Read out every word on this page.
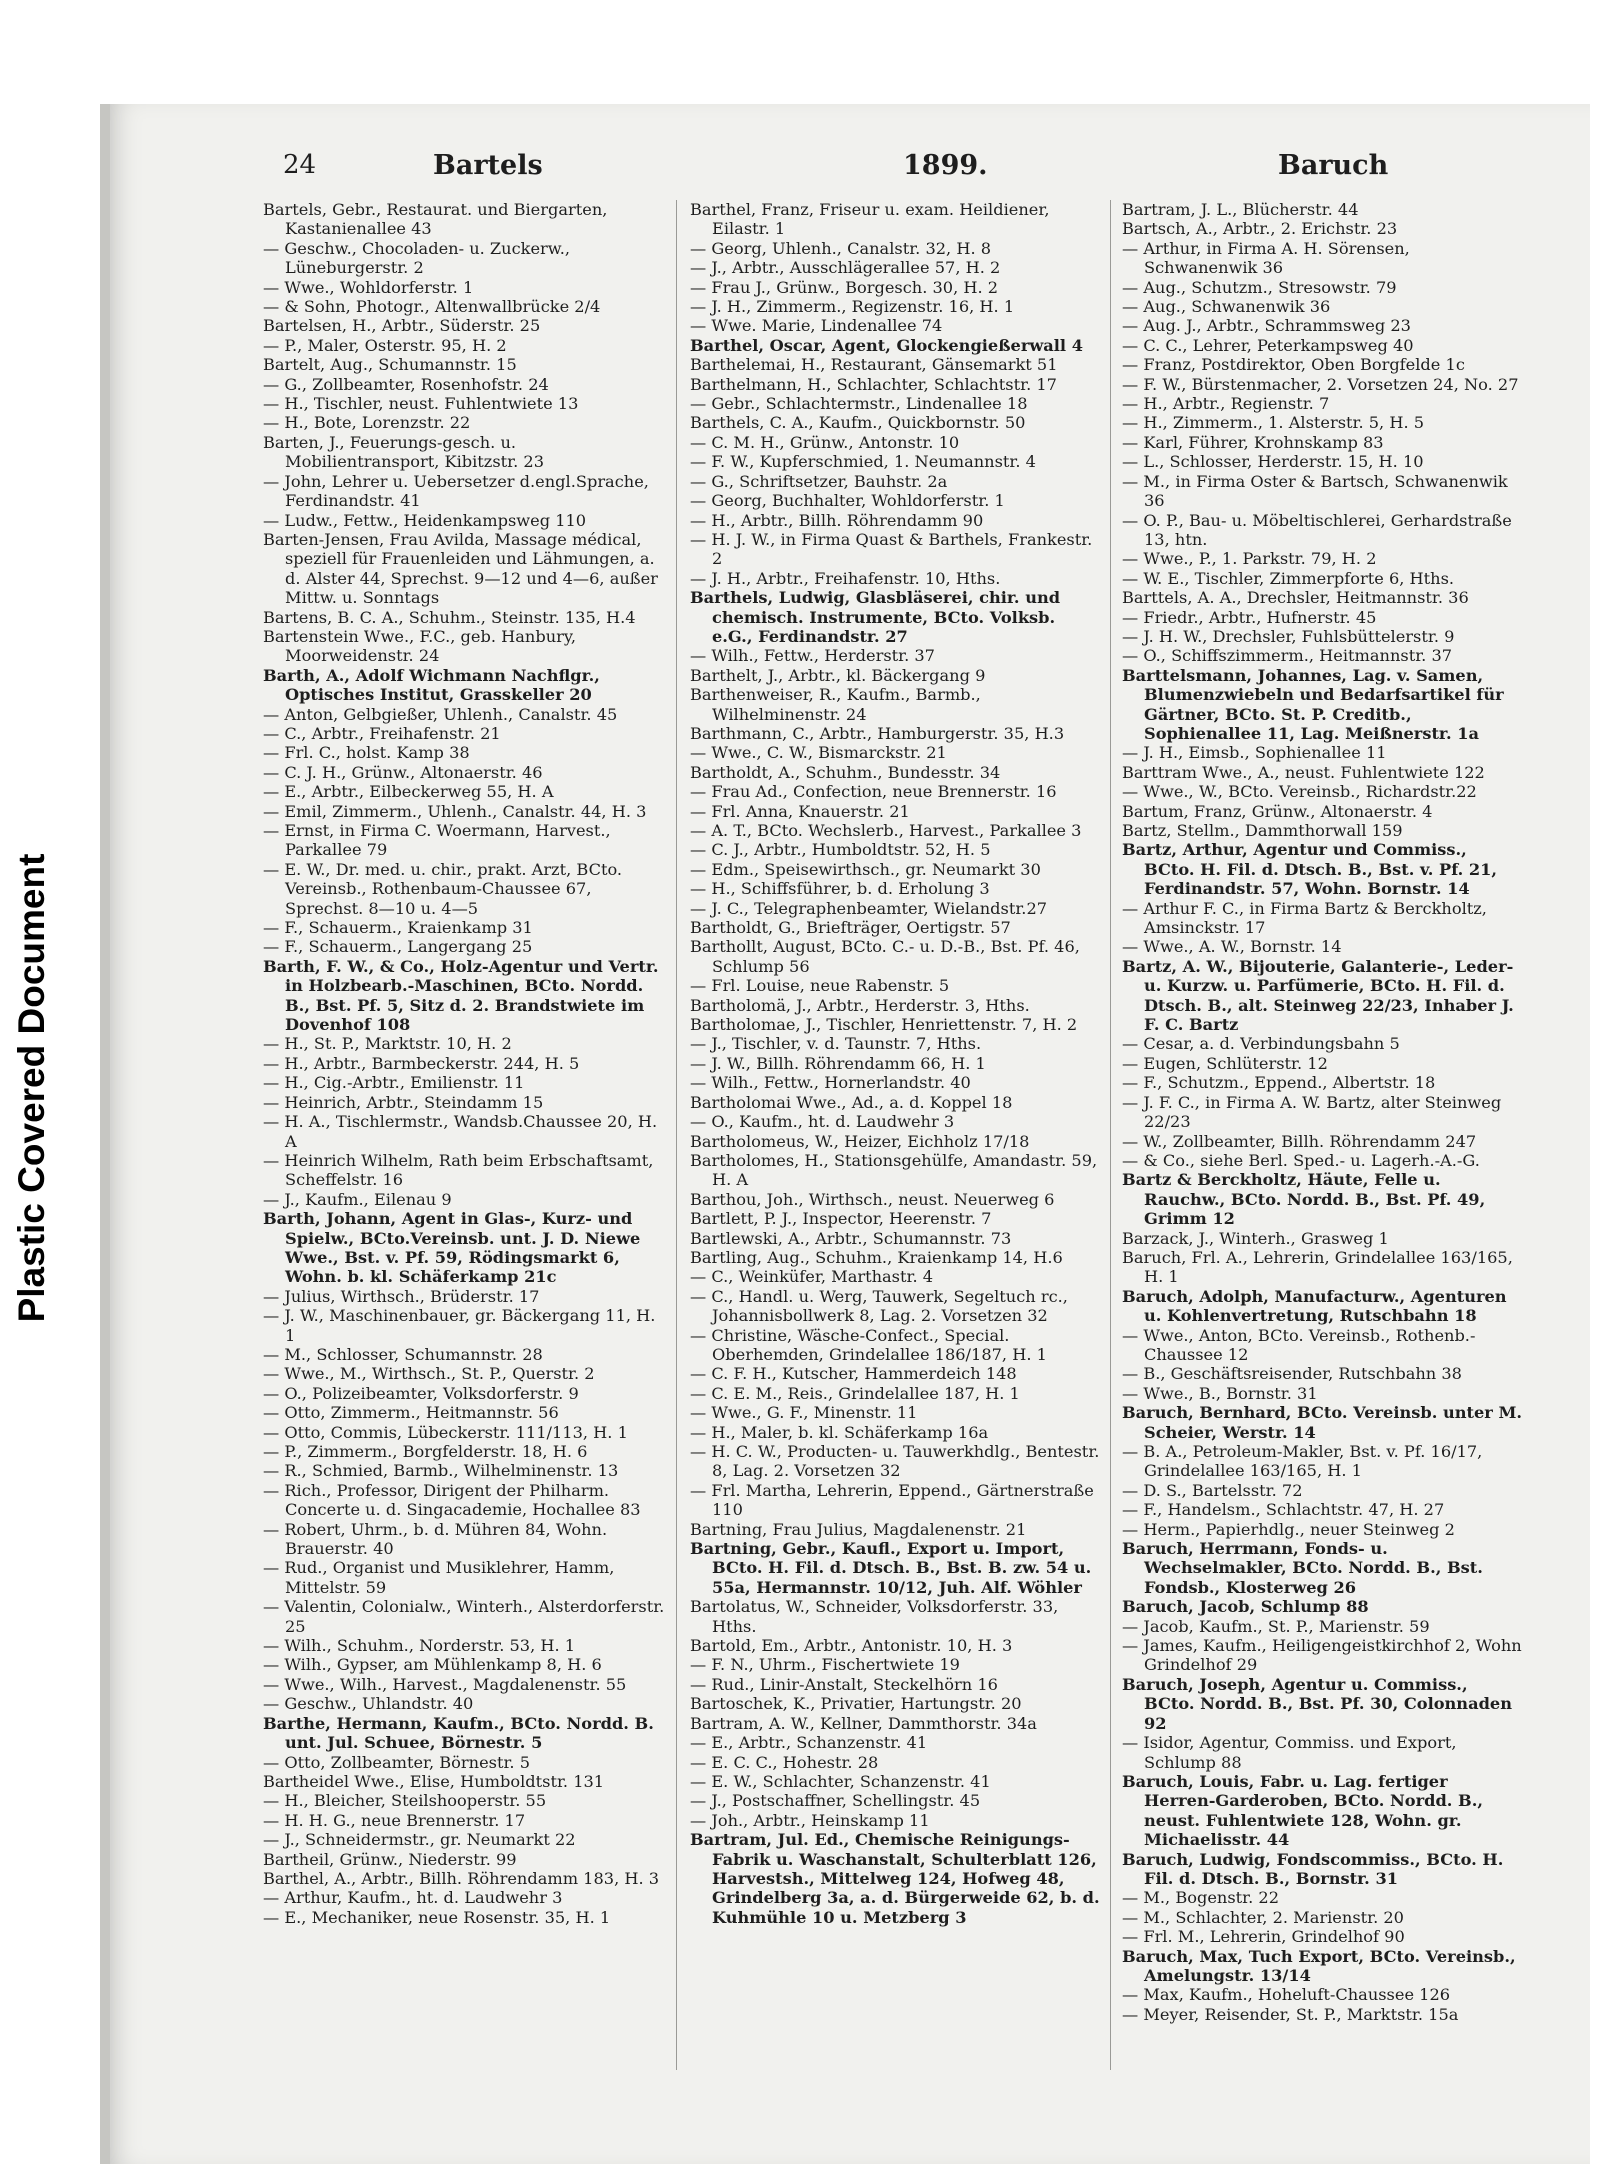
Plastic Covered Document
24	Bartels	1899.	Baruch

Bartels, Gebr., Restaurat. und Biergarten, Kastanienallee 43

— Geschw., Chocoladen- u. Zuckerw., Lüneburgerstr. 2

— Wwe., Wohldorferstr. 1

— & Sohn, Photogr., Altenwallbrücke 2/4

Bartelsen, H., Arbtr., Süderstr. 25

— P., Maler, Osterstr. 95, H. 2

Bartelt, Aug., Schumannstr. 15

— G., Zollbeamter, Rosenhofstr. 24

— H., Tischler, neust. Fuhlentwiete 13

— H., Bote, Lorenzstr. 22

Barten, J., Feuerungs-gesch. u. Mobilientransport, Kibitzstr. 23

— John, Lehrer u. Uebersetzer d.engl.Sprache, Ferdinandstr. 41

— Ludw., Fettw., Heidenkampsweg 110

Barten-Jensen, Frau Avilda, Massage médical, speziell für Frauenleiden und Lähmungen, a. d. Alster 44, Sprechst. 9—12 und 4—6, außer Mittw. u. Sonntags

Bartens, B. C. A., Schuhm., Steinstr. 135, H.4

Bartenstein Wwe., F.C., geb. Hanbury, Moorweidenstr. 24

Barth, A., Adolf Wichmann Nachflgr., Optisches Institut, Grasskeller 20

— Anton, Gelbgießer, Uhlenh., Canalstr. 45

— C., Arbtr., Freihafenstr. 21

— Frl. C., holst. Kamp 38

— C. J. H., Grünw., Altonaerstr. 46

— E., Arbtr., Eilbeckerweg 55, H. A

— Emil, Zimmerm., Uhlenh., Canalstr. 44, H. 3

— Ernst, in Firma C. Woermann, Harvest., Parkallee 79

— E. W., Dr. med. u. chir., prakt. Arzt, BCto. Vereinsb., Rothenbaum-Chaussee 67, Sprechst. 8—10 u. 4—5

— F., Schauerm., Kraienkamp 31

— F., Schauerm., Langergang 25

Barth, F. W., & Co., Holz-Agentur und Vertr. in Holzbearb.-Maschinen, BCto. Nordd. B., Bst. Pf. 5, Sitz d. 2. Brandstwiete im Dovenhof 108

— H., St. P., Marktstr. 10, H. 2

— H., Arbtr., Barmbeckerstr. 244, H. 5

— H., Cig.-Arbtr., Emilienstr. 11

— Heinrich, Arbtr., Steindamm 15

— H. A., Tischlermstr., Wandsb.Chaussee 20, H. A

— Heinrich Wilhelm, Rath beim Erbschaftsamt, Scheffelstr. 16

— J., Kaufm., Eilenau 9

Barth, Johann, Agent in Glas-, Kurz- und Spielw., BCto.Vereinsb. unt. J. D. Niewe Wwe., Bst. v. Pf. 59, Rödingsmarkt 6, Wohn. b. kl. Schäferkamp 21c

— Julius, Wirthsch., Brüderstr. 17

— J. W., Maschinenbauer, gr. Bäckergang 11, H. 1

— M., Schlosser, Schumannstr. 28

— Wwe., M., Wirthsch., St. P., Querstr. 2

— O., Polizeibeamter, Volksdorferstr. 9

— Otto, Zimmerm., Heitmannstr. 56

— Otto, Commis, Lübeckerstr. 111/113, H. 1

— P., Zimmerm., Borgfelderstr. 18, H. 6

— R., Schmied, Barmb., Wilhelminenstr. 13

— Rich., Professor, Dirigent der Philharm. Concerte u. d. Singacademie, Hochallee 83

— Robert, Uhrm., b. d. Mühren 84, Wohn. Brauerstr. 40

— Rud., Organist und Musiklehrer, Hamm, Mittelstr. 59

— Valentin, Colonialw., Winterh., Alsterdorferstr. 25

— Wilh., Schuhm., Norderstr. 53, H. 1

— Wilh., Gypser, am Mühlenkamp 8, H. 6

— Wwe., Wilh., Harvest., Magdalenenstr. 55

— Geschw., Uhlandstr. 40

Barthe, Hermann, Kaufm., BCto. Nordd. B. unt. Jul. Schuee, Börnestr. 5

— Otto, Zollbeamter, Börnestr. 5

Bartheidel Wwe., Elise, Humboldtstr. 131

— H., Bleicher, Steilshooperstr. 55

— H. H. G., neue Brennerstr. 17

— J., Schneidermstr., gr. Neumarkt 22

Bartheil, Grünw., Niederstr. 99

Barthel, A., Arbtr., Billh. Röhrendamm 183, H. 3

— Arthur, Kaufm., ht. d. Laudwehr 3

— E., Mechaniker, neue Rosenstr. 35, H. 1

Barthel, Franz, Friseur u. exam. Heildiener, Eilastr. 1

— Georg, Uhlenh., Canalstr. 32, H. 8

— J., Arbtr., Ausschlägerallee 57, H. 2

— Frau J., Grünw., Borgesch. 30, H. 2

— J. H., Zimmerm., Regizenstr. 16, H. 1

— Wwe. Marie, Lindenallee 74

Barthel, Oscar, Agent, Glockengießerwall 4

Barthelemai, H., Restaurant, Gänsemarkt 51

Barthelmann, H., Schlachter, Schlachtstr. 17

— Gebr., Schlachtermstr., Lindenallee 18

Barthels, C. A., Kaufm., Quickbornstr. 50

— C. M. H., Grünw., Antonstr. 10

— F. W., Kupferschmied, 1. Neumannstr. 4

— G., Schriftsetzer, Bauhstr. 2a

— Georg, Buchhalter, Wohldorferstr. 1

— H., Arbtr., Billh. Röhrendamm 90

— H. J. W., in Firma Quast & Barthels, Frankestr. 2

— J. H., Arbtr., Freihafenstr. 10, Hths.

Barthels, Ludwig, Glasbläserei, chir. und chemisch. Instrumente, BCto. Volksb. e.G., Ferdinandstr. 27

— Wilh., Fettw., Herderstr. 37

Barthelt, J., Arbtr., kl. Bäckergang 9

Barthenweiser, R., Kaufm., Barmb., Wilhelminenstr. 24

Barthmann, C., Arbtr., Hamburgerstr. 35, H.3

— Wwe., C. W., Bismarckstr. 21

Bartholdt, A., Schuhm., Bundesstr. 34

— Frau Ad., Confection, neue Brennerstr. 16

— Frl. Anna, Knauerstr. 21

— A. T., BCto. Wechslerb., Harvest., Parkallee 3

— C. J., Arbtr., Humboldtstr. 52, H. 5

— Edm., Speisewirthsch., gr. Neumarkt 30

— H., Schiffsführer, b. d. Erholung 3

— J. C., Telegraphenbeamter, Wielandstr.27

Bartholdt, G., Briefträger, Oertigstr. 57

Barthollt, August, BCto. C.- u. D.-B., Bst. Pf. 46, Schlump 56

— Frl. Louise, neue Rabenstr. 5

Bartholomä, J., Arbtr., Herderstr. 3, Hths.

Bartholomae, J., Tischler, Henriettenstr. 7, H. 2

— J., Tischler, v. d. Taunstr. 7, Hths.

— J. W., Billh. Röhrendamm 66, H. 1

— Wilh., Fettw., Hornerlandstr. 40

Bartholomai Wwe., Ad., a. d. Koppel 18

— O., Kaufm., ht. d. Laudwehr 3

Bartholomeus, W., Heizer, Eichholz 17/18

Bartholomes, H., Stationsgehülfe, Amandastr. 59, H. A

Barthou, Joh., Wirthsch., neust. Neuerweg 6

Bartlett, P. J., Inspector, Heerenstr. 7

Bartlewski, A., Arbtr., Schumannstr. 73

Bartling, Aug., Schuhm., Kraienkamp 14, H.6

— C., Weinküfer, Marthastr. 4

— C., Handl. u. Werg, Tauwerk, Segeltuch rc., Johannisbollwerk 8, Lag. 2. Vorsetzen 32

— Christine, Wäsche-Confect., Special. Oberhemden, Grindelallee 186/187, H. 1

— C. F. H., Kutscher, Hammerdeich 148

— C. E. M., Reis., Grindelallee 187, H. 1

— Wwe., G. F., Minenstr. 11

— H., Maler, b. kl. Schäferkamp 16a

— H. C. W., Producten- u. Tauwerkhdlg., Bentestr. 8, Lag. 2. Vorsetzen 32

— Frl. Martha, Lehrerin, Eppend., Gärtnerstraße 110

Bartning, Frau Julius, Magdalenenstr. 21

Bartning, Gebr., Kaufl., Export u. Import, BCto. H. Fil. d. Dtsch. B., Bst. B. zw. 54 u. 55a, Hermannstr. 10/12, Juh. Alf. Wöhler

Bartolatus, W., Schneider, Volksdorferstr. 33, Hths.

Bartold, Em., Arbtr., Antonistr. 10, H. 3

— F. N., Uhrm., Fischertwiete 19

— Rud., Linir-Anstalt, Steckelhörn 16

Bartoschek, K., Privatier, Hartungstr. 20

Bartram, A. W., Kellner, Dammthorstr. 34a

— E., Arbtr., Schanzenstr. 41

— E. C. C., Hohestr. 28

— E. W., Schlachter, Schanzenstr. 41

— J., Postschaffner, Schellingstr. 45

— Joh., Arbtr., Heinskamp 11

Bartram, Jul. Ed., Chemische Reinigungs-Fabrik u. Waschanstalt, Schulterblatt 126, Harvestsh., Mittelweg 124, Hofweg 48, Grindelberg 3a, a. d. Bürgerweide 62, b. d. Kuhmühle 10 u. Metzberg 3

Bartram, J. L., Blücherstr. 44

Bartsch, A., Arbtr., 2. Erichstr. 23

— Arthur, in Firma A. H. Sörensen, Schwanenwik 36

— Aug., Schutzm., Stresowstr. 79

— Aug., Schwanenwik 36

— Aug. J., Arbtr., Schrammsweg 23

— C. C., Lehrer, Peterkampsweg 40

— Franz, Postdirektor, Oben Borgfelde 1c

— F. W., Bürstenmacher, 2. Vorsetzen 24, No. 27

— H., Arbtr., Regienstr. 7

— H., Zimmerm., 1. Alsterstr. 5, H. 5

— Karl, Führer, Krohnskamp 83

— L., Schlosser, Herderstr. 15, H. 10

— M., in Firma Oster & Bartsch, Schwanenwik 36

— O. P., Bau- u. Möbeltischlerei, Gerhardstraße 13, htn.

— Wwe., P., 1. Parkstr. 79, H. 2

— W. E., Tischler, Zimmerpforte 6, Hths.

Barttels, A. A., Drechsler, Heitmannstr. 36

— Friedr., Arbtr., Hufnerstr. 45

— J. H. W., Drechsler, Fuhlsbüttelerstr. 9

— O., Schiffszimmerm., Heitmannstr. 37

Barttelsmann, Johannes, Lag. v. Samen, Blumenzwiebeln und Bedarfsartikel für Gärtner, BCto. St. P. Creditb., Sophienallee 11, Lag. Meißnerstr. 1a

— J. H., Eimsb., Sophienallee 11

Barttram Wwe., A., neust. Fuhlentwiete 122

— Wwe., W., BCto. Vereinsb., Richardstr.22

Bartum, Franz, Grünw., Altonaerstr. 4

Bartz, Stellm., Dammthorwall 159

Bartz, Arthur, Agentur und Commiss., BCto. H. Fil. d. Dtsch. B., Bst. v. Pf. 21, Ferdinandstr. 57, Wohn. Bornstr. 14

— Arthur F. C., in Firma Bartz & Berckholtz, Amsinckstr. 17

— Wwe., A. W., Bornstr. 14

Bartz, A. W., Bijouterie, Galanterie-, Leder- u. Kurzw. u. Parfümerie, BCto. H. Fil. d. Dtsch. B., alt. Steinweg 22/23, Inhaber J. F. C. Bartz

— Cesar, a. d. Verbindungsbahn 5

— Eugen, Schlüterstr. 12

— F., Schutzm., Eppend., Albertstr. 18

— J. F. C., in Firma A. W. Bartz, alter Steinweg 22/23

— W., Zollbeamter, Billh. Röhrendamm 247

— & Co., siehe Berl. Sped.- u. Lagerh.-A.-G.

Bartz & Berckholtz, Häute, Felle u. Rauchw., BCto. Nordd. B., Bst. Pf. 49, Grimm 12

Barzack, J., Winterh., Grasweg 1

Baruch, Frl. A., Lehrerin, Grindelallee 163/165, H. 1

Baruch, Adolph, Manufacturw., Agenturen u. Kohlenvertretung, Rutschbahn 18

— Wwe., Anton, BCto. Vereinsb., Rothenb.-Chaussee 12

— B., Geschäftsreisender, Rutschbahn 38

— Wwe., B., Bornstr. 31

Baruch, Bernhard, BCto. Vereinsb. unter M. Scheier, Werstr. 14

— B. A., Petroleum-Makler, Bst. v. Pf. 16/17, Grindelallee 163/165, H. 1

— D. S., Bartelsstr. 72

— F., Handelsm., Schlachtstr. 47, H. 27

— Herm., Papierhdlg., neuer Steinweg 2

Baruch, Herrmann, Fonds- u. Wechselmakler, BCto. Nordd. B., Bst. Fondsb., Klosterweg 26

Baruch, Jacob, Schlump 88

— Jacob, Kaufm., St. P., Marienstr. 59

— James, Kaufm., Heiligengeistkirchhof 2, Wohn Grindelhof 29

Baruch, Joseph, Agentur u. Commiss., BCto. Nordd. B., Bst. Pf. 30, Colonnaden 92

— Isidor, Agentur, Commiss. und Export, Schlump 88

Baruch, Louis, Fabr. u. Lag. fertiger Herren-Garderoben, BCto. Nordd. B., neust. Fuhlentwiete 128, Wohn. gr. Michaelisstr. 44

Baruch, Ludwig, Fondscommiss., BCto. H. Fil. d. Dtsch. B., Bornstr. 31

— M., Bogenstr. 22

— M., Schlachter, 2. Marienstr. 20

— Frl. M., Lehrerin, Grindelhof 90

Baruch, Max, Tuch Export, BCto. Vereinsb., Amelungstr. 13/14

— Max, Kaufm., Hoheluft-Chaussee 126

— Meyer, Reisender, St. P., Marktstr. 15a
